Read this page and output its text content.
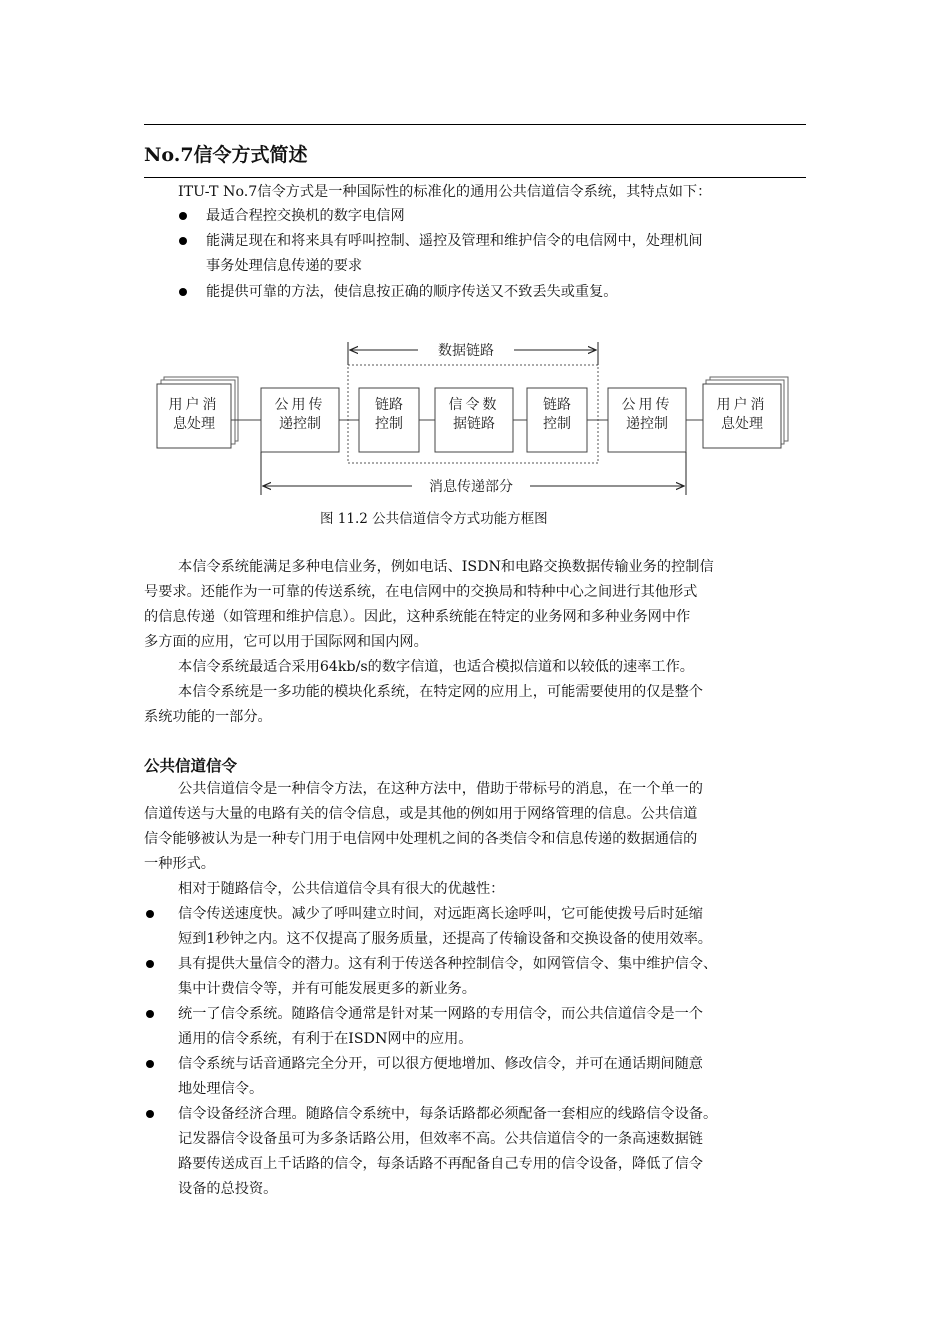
No.7信令方式简述
ITU-T No.7信令方式是一种国际性的标准化的通用公共信道信令系统，其特点如下：
最适合程控交换机的数字电信网
能满足现在和将来具有呼叫控制、遥控及管理和维护信令的电信网中，处理机间
事务处理信息传递的要求
能提供可靠的方法，使信息按正确的顺序传送又不致丢失或重复。
数据链路
用户消
息处理
公用传
递控制
链路
控制
信令数
据链路
链路
控制
公用传
递控制
用户消
息处理
消息传递部分
图 11.2 公共信道信令方式功能方框图
本信令系统能满足多种电信业务，例如电话、ISDN和电路交换数据传输业务的控制信
号要求。还能作为一可靠的传送系统，在电信网中的交换局和特种中心之间进行其他形式
的信息传递（如管理和维护信息）。因此，这种系统能在特定的业务网和多种业务网中作
多方面的应用，它可以用于国际网和国内网。
本信令系统最适合采用64kb/s的数字信道，也适合模拟信道和以较低的速率工作。
本信令系统是一多功能的模块化系统，在特定网的应用上，可能需要使用的仅是整个
系统功能的一部分。
公共信道信令
公共信道信令是一种信令方法，在这种方法中，借助于带标号的消息，在一个单一的
信道传送与大量的电路有关的信令信息，或是其他的例如用于网络管理的信息。公共信道
信令能够被认为是一种专门用于电信网中处理机之间的各类信令和信息传递的数据通信的
一种形式。
相对于随路信令，公共信道信令具有很大的优越性：
信令传送速度快。减少了呼叫建立时间，对远距离长途呼叫，它可能使拨号后时延缩
短到1秒钟之内。这不仅提高了服务质量，还提高了传输设备和交换设备的使用效率。
具有提供大量信令的潜力。这有利于传送各种控制信令，如网管信令、集中维护信令、
集中计费信令等，并有可能发展更多的新业务。
统一了信令系统。随路信令通常是针对某一网路的专用信令，而公共信道信令是一个
通用的信令系统，有利于在ISDN网中的应用。
信令系统与话音通路完全分开，可以很方便地增加、修改信令，并可在通话期间随意
地处理信令。
信令设备经济合理。随路信令系统中，每条话路都必须配备一套相应的线路信令设备。
记发器信令设备虽可为多条话路公用，但效率不高。公共信道信令的一条高速数据链
路要传送成百上千话路的信令，每条话路不再配备自己专用的信令设备，降低了信令
设备的总投资。
